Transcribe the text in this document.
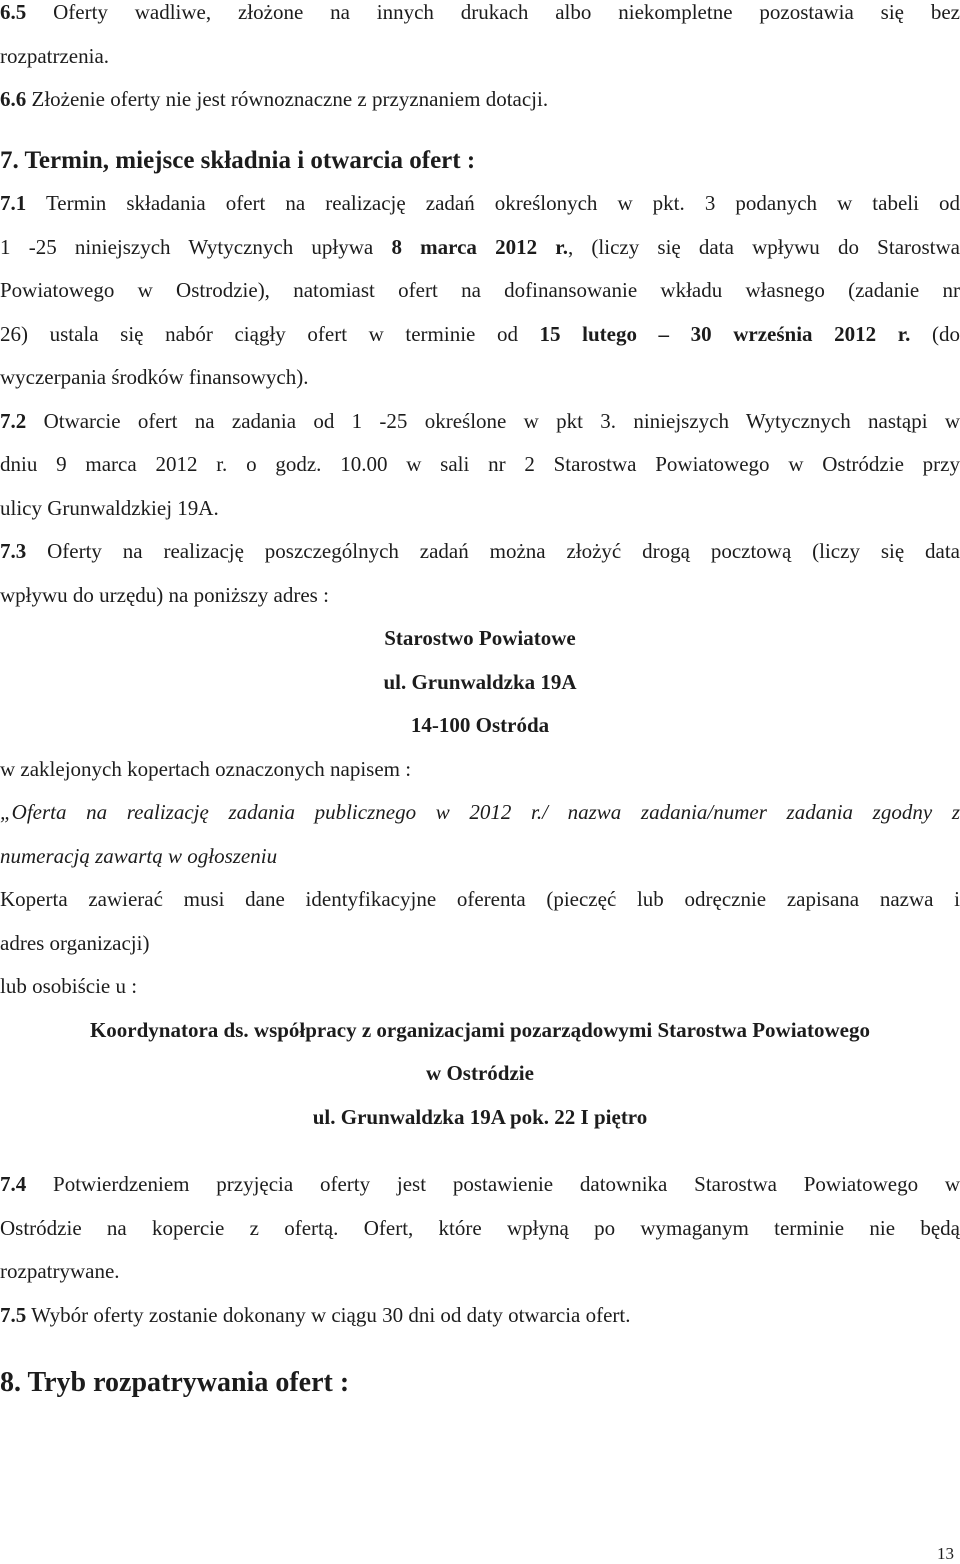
6.5 Oferty wadliwe, złożone na innych drukach albo niekompletne pozostawia się bez
rozpatrzenia.
6.6 Złożenie oferty nie jest równoznaczne z przyznaniem dotacji.
7. Termin, miejsce składnia i otwarcia ofert :
7.1 Termin składania ofert na realizację zadań określonych w pkt. 3 podanych w tabeli od
1 -25 niniejszych Wytycznych upływa 8 marca 2012 r., (liczy się data wpływu do Starostwa
Powiatowego w Ostrodzie), natomiast ofert na dofinansowanie wkładu własnego (zadanie nr
26) ustala się nabór ciągły ofert w terminie od 15 lutego – 30 września 2012 r. (do
wyczerpania środków finansowych).
7.2 Otwarcie ofert na zadania od 1 -25 określone w pkt 3. niniejszych Wytycznych nastąpi w
dniu 9 marca 2012 r. o godz. 10.00 w sali nr 2 Starostwa Powiatowego w Ostródzie przy
ulicy Grunwaldzkiej 19A.
7.3 Oferty na realizację poszczególnych zadań można złożyć drogą pocztową (liczy się data
wpływu do urzędu) na poniższy adres :
Starostwo Powiatowe
ul. Grunwaldzka 19A
14-100 Ostróda
w zaklejonych kopertach oznaczonych napisem :
„Oferta na realizację zadania publicznego w 2012 r./ nazwa zadania/numer zadania zgodny z
numeracją zawartą w ogłoszeniu
Koperta zawierać musi dane identyfikacyjne oferenta (pieczęć lub odręcznie zapisana nazwa i
adres organizacji)
lub osobiście u :
Koordynatora ds. współpracy z organizacjami pozarządowymi Starostwa Powiatowego
w Ostródzie
ul. Grunwaldzka 19A pok. 22 I piętro
7.4 Potwierdzeniem przyjęcia oferty jest postawienie datownika Starostwa Powiatowego w
Ostródzie na kopercie z ofertą. Ofert, które wpłyną po wymaganym terminie nie będą
rozpatrywane.
7.5 Wybór oferty zostanie dokonany w ciągu 30 dni od daty otwarcia ofert.
8. Tryb rozpatrywania ofert :
13
